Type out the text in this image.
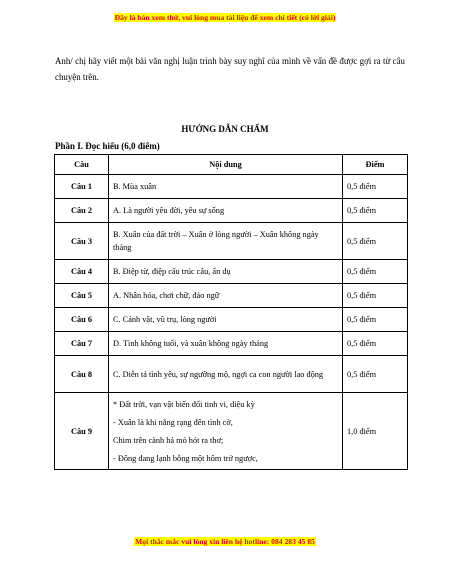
Đây là bản xem thử, vui lòng mua tài liệu để xem chi tiết (có lời giải)
Anh/ chị hãy viết một bài văn nghị luận trình bày suy nghĩ của mình về vấn đề được gợi ra từ câu chuyện trên.
HƯỚNG DẪN CHẤM
Phần I. Đọc hiểu (6,0 điểm)
Câu	Nội dung	Điểm
Câu 1	B. Mùa xuân	0,5 điểm
Câu 2	A. Là người yêu đời, yêu sự sống	0,5 điểm
Câu 3	B. Xuân của đất trời – Xuân ở lòng người – Xuân không ngày tháng	0,5 điểm
Câu 4	B. Điệp từ, điệp cấu trúc câu, ẩn dụ	0,5 điểm
Câu 5	A. Nhân hóa, chơi chữ, đảo ngữ	0,5 điểm
Câu 6	C. Cảnh vật, vũ trụ, lòng người	0,5 điểm
Câu 7	D. Tình không tuổi, và xuân không ngày tháng	0,5 điểm
Câu 8	C. Diễn tả tình yêu, sự ngưỡng mộ, ngợi ca con người lao động	0,5 điểm
Câu 9	* Đất trời, vạn vật biến đổi tinh vi, diệu kỳ
- Xuân là khi nắng rạng đến tình cờ,
Chim trên cành hả mỏ hót ra thơ;
- Đông đang lạnh bỗng một hôm trở ngược,	1,0 điểm
Mọi thắc mắc vui lòng xin liên hệ hotline: 084 283 45 85
